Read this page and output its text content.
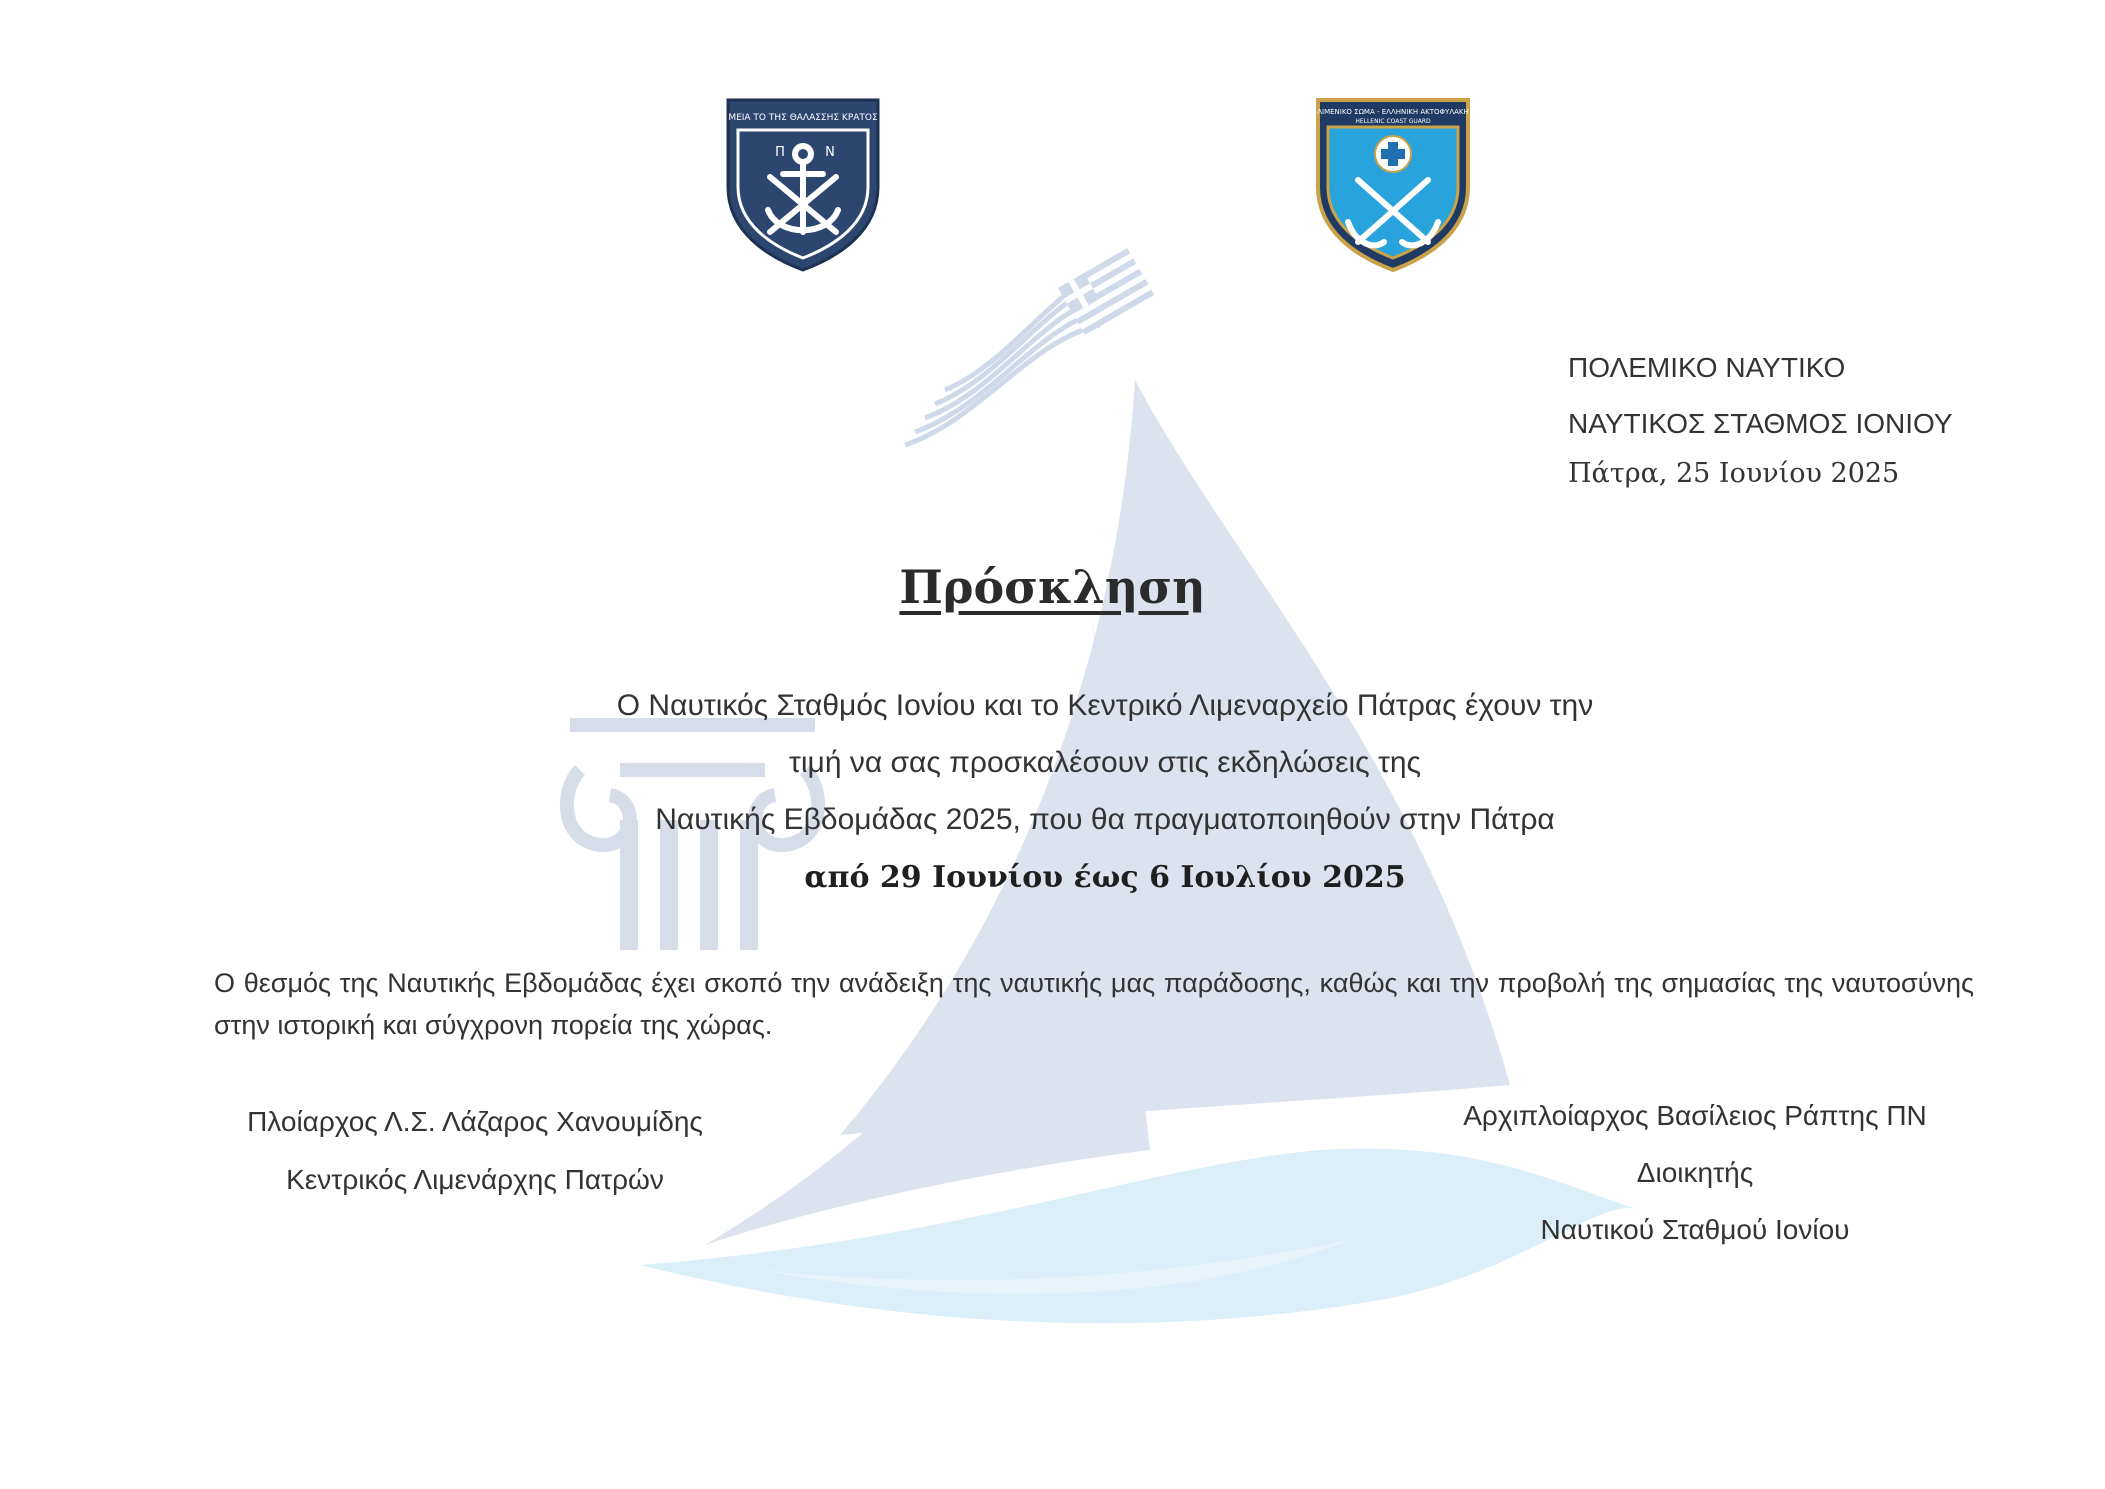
ΜΕΙΑ ΤΟ ΤΗΣ ΘΑΛΑΣΣΗΣ ΚΡΑΤΟΣ
Π	Ν
ΛΙΜΕΝΙΚΟ ΣΩΜΑ - ΕΛΛΗΝΙΚΗ ΑΚΤΟΦΥΛΑΚΗ
HELLENIC COAST GUARD
ΠΟΛΕΜΙΚΟ ΝΑΥΤΙΚΟ
ΝΑΥΤΙΚΟΣ ΣΤΑΘΜΟΣ ΙΟΝΙΟΥ
Πάτρα, 25 Ιουνίου 2025
Πρόσκληση
Ο Ναυτικός Σταθμός Ιονίου και το Κεντρικό Λιμεναρχείο Πάτρας έχουν την
τιμή να σας προσκαλέσουν στις εκδηλώσεις της
Ναυτικής Εβδομάδας 2025, που θα πραγματοποιηθούν στην Πάτρα
από 29 Ιουνίου έως 6 Ιουλίου 2025
Ο θεσμός της Ναυτικής Εβδομάδας έχει σκοπό την ανάδειξη της ναυτικής μας παράδοσης, καθώς και την προβολή της σημασίας της ναυτοσύνης στην ιστορική και σύγχρονη πορεία της χώρας.
Πλοίαρχος Λ.Σ. Λάζαρος Χανουμίδης
Κεντρικός Λιμενάρχης Πατρών
Αρχιπλοίαρχος Βασίλειος Ράπτης ΠΝ
Διοικητής
Ναυτικού Σταθμού Ιονίου
